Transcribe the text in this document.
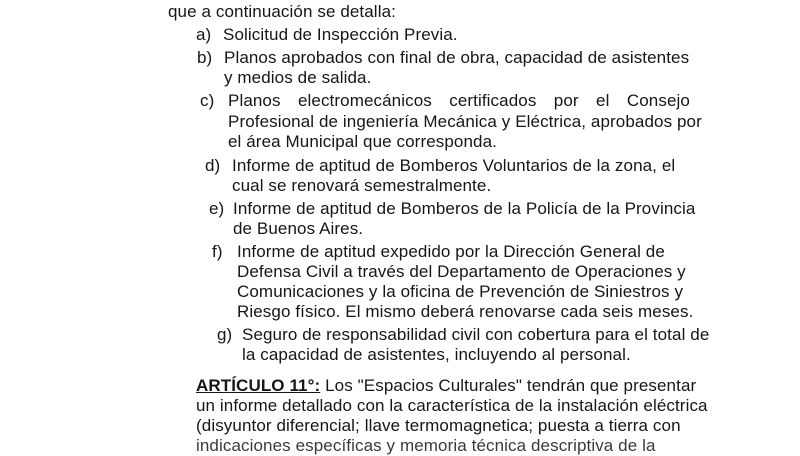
que a continuación se detalla:
a) Solicitud de Inspección Previa.
b) Planos aprobados con final de obra, capacidad de asistentes
y medios de salida.
c) Planos electromecánicos certificados por el Consejo
Profesional de ingeniería Mecánica y Eléctrica, aprobados por
el área Municipal que corresponda.
d) Informe de aptitud de Bomberos Voluntarios de la zona, el
cual se renovará semestralmente.
e) Informe de aptitud de Bomberos de la Policía de la Provincia
de Buenos Aires.
f) Informe de aptitud expedido por la Dirección General de
Defensa Civil a través del Departamento de Operaciones y
Comunicaciones y la oficina de Prevención de Siniestros y
Riesgo físico. El mismo deberá renovarse cada seis meses.
g) Seguro de responsabilidad civil con cobertura para el total de
la capacidad de asistentes, incluyendo al personal.
ARTÍCULO 11°: Los "Espacios Culturales" tendrán que presentar
un informe detallado con la característica de la instalación eléctrica
(disyuntor diferencial; llave termomagnetica; puesta a tierra con
indicaciones específicas y memoria técnica descriptiva de la
